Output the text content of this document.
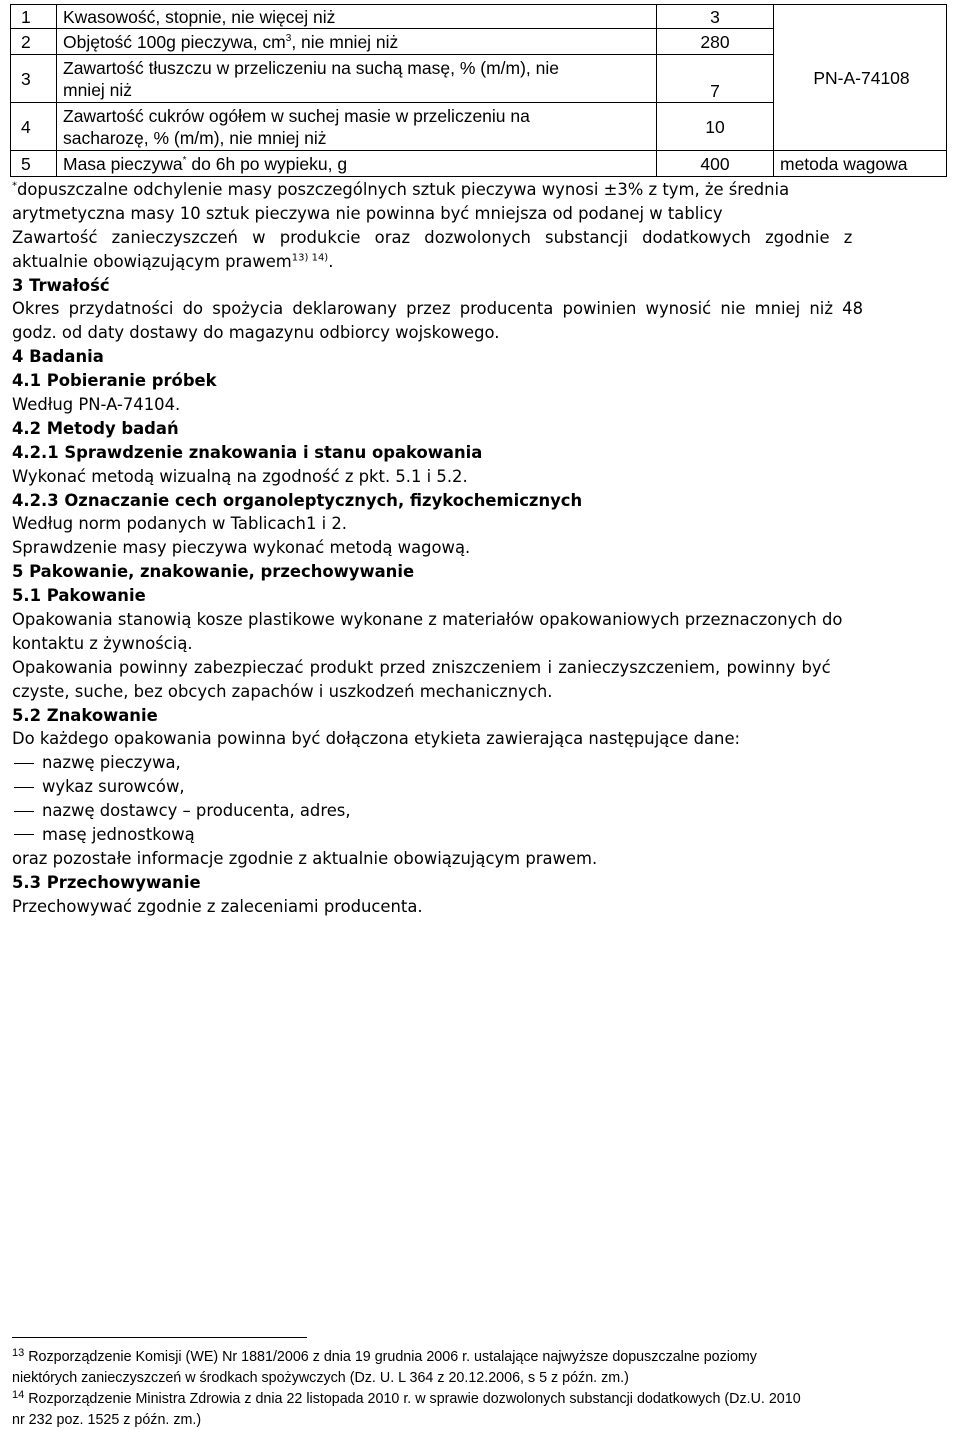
1	Kwasowość, stopnie, nie więcej niż	3	PN-A-74108
2	Objętość 100g pieczywa, $cm^3$, nie mniej niż	280	
3	Zawartość tłuszczu w przeliczeniu na suchą masę, % (m/m), nie
mniej niż	7	
4	Zawartość cukrów ogółem w suchej masie w przeliczeniu na
sacharozę, % (m/m), nie mniej niż	10	
5	Masa pieczywa* do 6h po wypieku, g	400	metoda wagowa
*dopuszczalne odchylenie masy poszczególnych sztuk pieczywa wynosi ±3% z tym, że średnia
arytmetyczna masy 10 sztuk pieczywa nie powinna być mniejsza od podanej w tablicy
Zawartość zanieczyszczeń w produkcie oraz dozwolonych substancji dodatkowych zgodnie z
aktualnie obowiązującym prawem$^{13) 14)}$.
3 Trwałość
Okres przydatności do spożycia deklarowany przez producenta powinien wynosić nie mniej niż 48
godz. od daty dostawy do magazynu odbiorcy wojskowego.
4 Badania
4.1 Pobieranie próbek
Według PN-A-74104.
4.2 Metody badań
4.2.1 Sprawdzenie znakowania i stanu opakowania
Wykonać metodą wizualną na zgodność z pkt. 5.1 i 5.2.
4.2.3 Oznaczanie cech organoleptycznych, fizykochemicznych
Według norm podanych w Tablicach1 i 2.
Sprawdzenie masy pieczywa wykonać metodą wagową.
5 Pakowanie, znakowanie, przechowywanie
5.1 Pakowanie
Opakowania stanowią kosze plastikowe wykonane z materiałów opakowaniowych przeznaczonych do
kontaktu z żywnością.
Opakowania powinny zabezpieczać produkt przed zniszczeniem i zanieczyszczeniem, powinny być
czyste, suche, bez obcych zapachów i uszkodzeń mechanicznych.
5.2 Znakowanie
Do każdego opakowania powinna być dołączona etykieta zawierająca następujące dane:
nazwę pieczywa,
wykaz surowców,
nazwę dostawcy – producenta, adres,
masę jednostkową
oraz pozostałe informacje zgodnie z aktualnie obowiązującym prawem.
5.3 Przechowywanie
Przechowywać zgodnie z zaleceniami producenta.
$^{13}$ Rozporządzenie Komisji (WE) Nr 1881/2006 z dnia 19 grudnia 2006 r. ustalające najwyższe dopuszczalne poziomy
niektórych zanieczyszczeń w środkach spożywczych (Dz. U. L 364 z 20.12.2006, s 5 z późn. zm.)
$^{14}$ Rozporządzenie Ministra Zdrowia z dnia 22 listopada 2010 r. w sprawie dozwolonych substancji dodatkowych (Dz.U. 2010
nr 232 poz. 1525 z późn. zm.)
